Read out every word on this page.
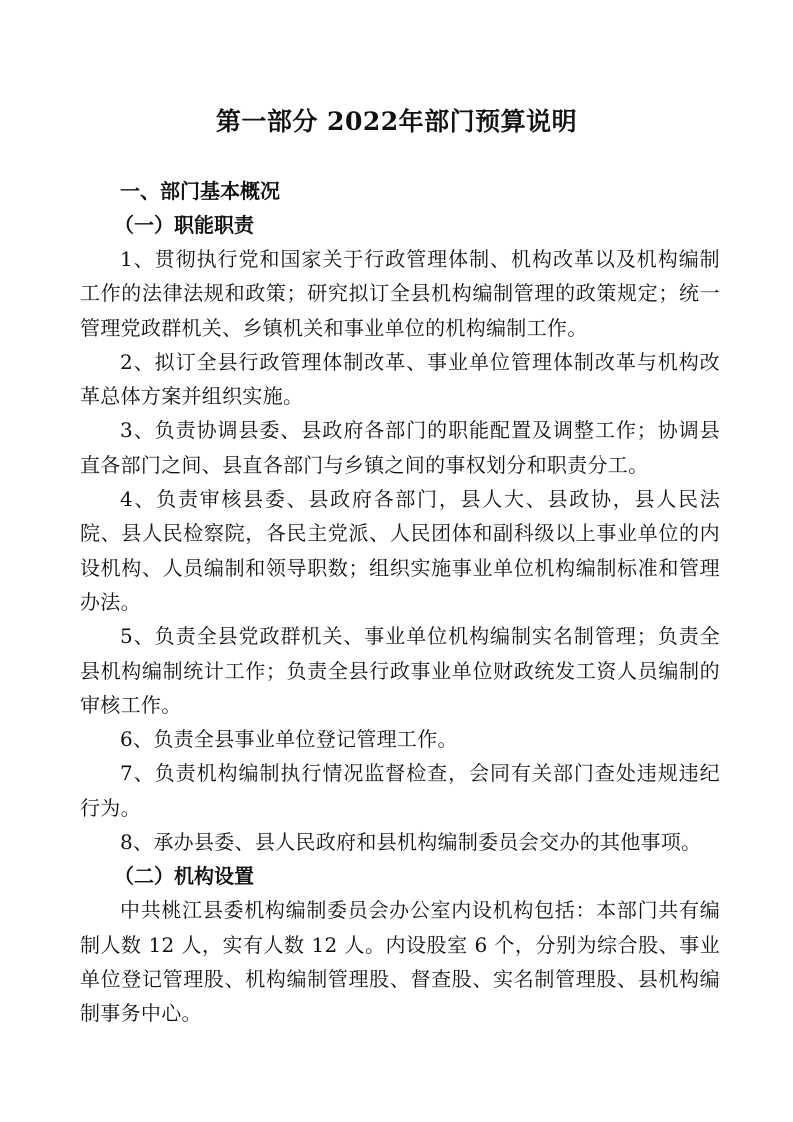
第一部分 2022年部门预算说明

一、部门基本概况

（一）职能职责

1、贯彻执行党和国家关于行政管理体制、机构改革以及机构编制工作的法律法规和政策；研究拟订全县机构编制管理的政策规定；统一管理党政群机关、乡镇机关和事业单位的机构编制工作。

2、拟订全县行政管理体制改革、事业单位管理体制改革与机构改革总体方案并组织实施。

3、负责协调县委、县政府各部门的职能配置及调整工作；协调县直各部门之间、县直各部门与乡镇之间的事权划分和职责分工。

4、负责审核县委、县政府各部门，县人大、县政协，县人民法院、县人民检察院，各民主党派、人民团体和副科级以上事业单位的内设机构、人员编制和领导职数；组织实施事业单位机构编制标准和管理办法。

5、负责全县党政群机关、事业单位机构编制实名制管理；负责全县机构编制统计工作；负责全县行政事业单位财政统发工资人员编制的审核工作。

6、负责全县事业单位登记管理工作。

7、负责机构编制执行情况监督检查，会同有关部门查处违规违纪行为。

8、承办县委、县人民政府和县机构编制委员会交办的其他事项。

（二）机构设置

中共桃江县委机构编制委员会办公室内设机构包括：本部门共有编制人数 12 人，实有人数 12 人。内设股室 6 个，分别为综合股、事业单位登记管理股、机构编制管理股、督查股、实名制管理股、县机构编制事务中心。
